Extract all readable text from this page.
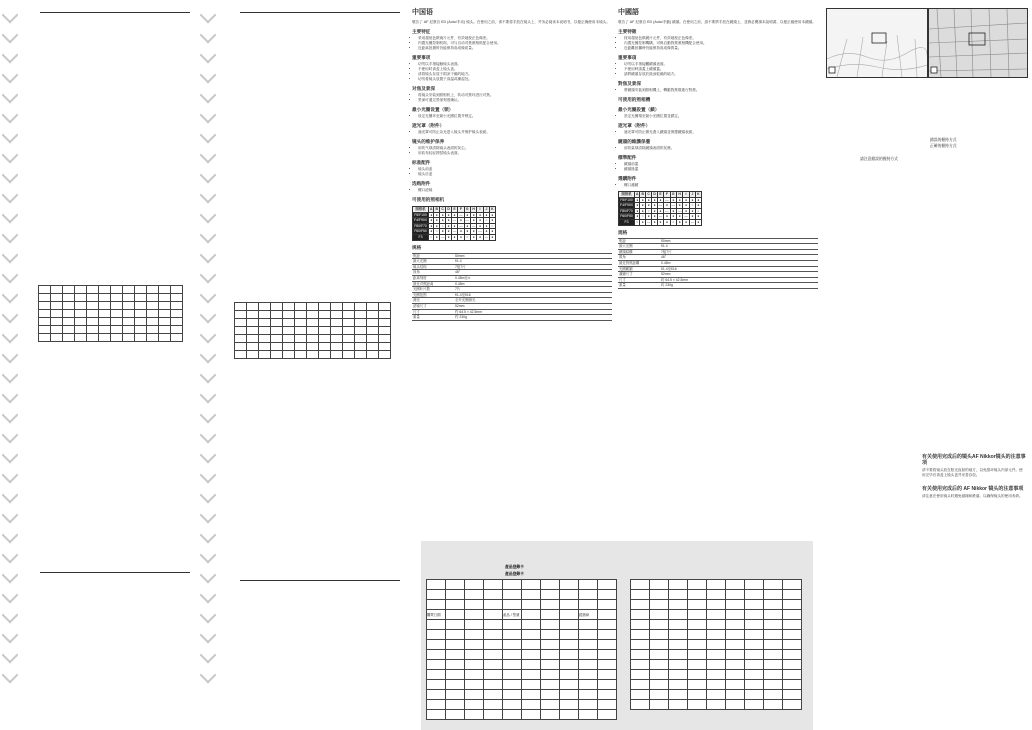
中国语

敬告了 AF 尼康自 ED (Auto/手动) 镜头。在使用之前，请不要将手放在镜头上，并务必阅读本说明书，以便正确使用本镜头。

主要特征
• 采用超低色散镜片元件，有效地校正色像差。
• 内置光圈控制机构，可与自动对焦照相机配合使用。
• 近距离拍摄时仍能保持高成像质量。
重要事项
• 切勿以手指接触镜头表面。
• 不使用时请盖上镜头盖。
• 请将镜头存放于阴凉干燥的地方。
• 切勿将镜头放置于高温或潮湿处。
对焦及景深
• 将镜头安装到照相机上，转动对焦环进行对焦。
• 景深可通过景深刻度确认。
最小光圈设置（锁）
• 设定光圈环至最小光圈位置并锁定。
遮光罩（附件）
• 遮光罩可防止杂光进入镜头并保护镜头表面。
镜头的维护保养
• 用吹气球清除镜头表面的灰尘。
• 用软布轻轻擦拭镜头表面。
标准配件
• 镜头前盖
• 镜头后盖
选购附件
• 螺口滤镜
可使用的照相机
照相机	A	B	C	D	E	F	G	H	I	J	K
F5/F100	●	●	●	●	●	—	●	●	●	●	●
F4/F90X	●	●	●	●	—	●	—	●	●	○	●
F80/F70	●	●	○	●	●	—	●	—	●	●	○
F60/F50	●	○	●	●	—	●	●	●	—	●	●
F3	○	●	—	●	●	●	○	●	●	—	●
规格
焦距	50mm
最大光圈	f/1.4
镜头结构	7组7片
视角	46°
距离刻度	0.45m至∞
最近对焦距离	0.45m
光圈叶片数	7片
光圈范围	f/1.4至f/16
测光	全开光圈测光
滤镜尺寸	52mm
尺寸	约 64.5 × 42.5mm
重量	约 230g
中國語

敬告了 AF 尼康自 ED (Auto/手動) 鏡頭。在使用之前，請不要將手放在鏡頭上，並務必閱讀本說明書，以便正確使用本鏡頭。

主要特徵
• 採用超低色散鏡片元件，有效地校正色像差。
• 內置光圈控制機構，可與自動對焦照相機配合使用。
• 近距離拍攝時仍能保持高成像質量。
重要事項
• 切勿以手指接觸鏡頭表面。
• 不使用時請蓋上鏡頭蓋。
• 請將鏡頭存放於陰涼乾燥的地方。
對焦及景深
• 將鏡頭安裝到照相機上，轉動對焦環進行對焦。
可使用的照相機
最小光圈設置（鎖）
• 設定光圈環至最小光圈位置並鎖定。
遮光罩（附件）
• 遮光罩可防止雜光進入鏡頭並保護鏡頭表面。
鏡頭的維護保養
• 用吹氣球清除鏡頭表面的灰塵。
標準配件
• 鏡頭前蓋
• 鏡頭後蓋
選購附件
• 螺口濾鏡
照相机	A	B	C	D	E	F	G	H	I	J	K
F5/F100	●	●	●	●	●	—	●	●	●	●	●
F4/F90X	●	●	●	●	—	●	—	●	●	○	●
F80/F70	●	●	○	●	●	—	●	—	●	●	○
F60/F50	●	○	●	●	—	●	●	●	—	●	●
F3	○	●	—	●	●	●	○	●	●	—	●
規格
焦距	50mm
最大光圈	f/1.4
鏡頭結構	7組7片
視角	46°
最近對焦距離	0.45m
光圈範圍	f/1.4至f/16
濾鏡尺寸	52mm
尺寸	約 64.5 × 42.5mm
重量	約 230g
產品登錄卡
產品登錄卡

購買日期				產品 / 型號				經銷商	

錯誤的握持方式
正確的握持方式
請注意錯誤的握持方式
有关使用完成后的镜头AF Nikkor镜头的注意事项

请不要将镜头放在阳光直射的地方，以免损坏镜头内部元件。使用完毕后请盖上镜头盖并妥善存放。

有关使用完成后的 AF Nikkor 镜头的注意事项

请注意在使用镜头时避免碰撞和跌落，以确保镜头的使用寿命。
